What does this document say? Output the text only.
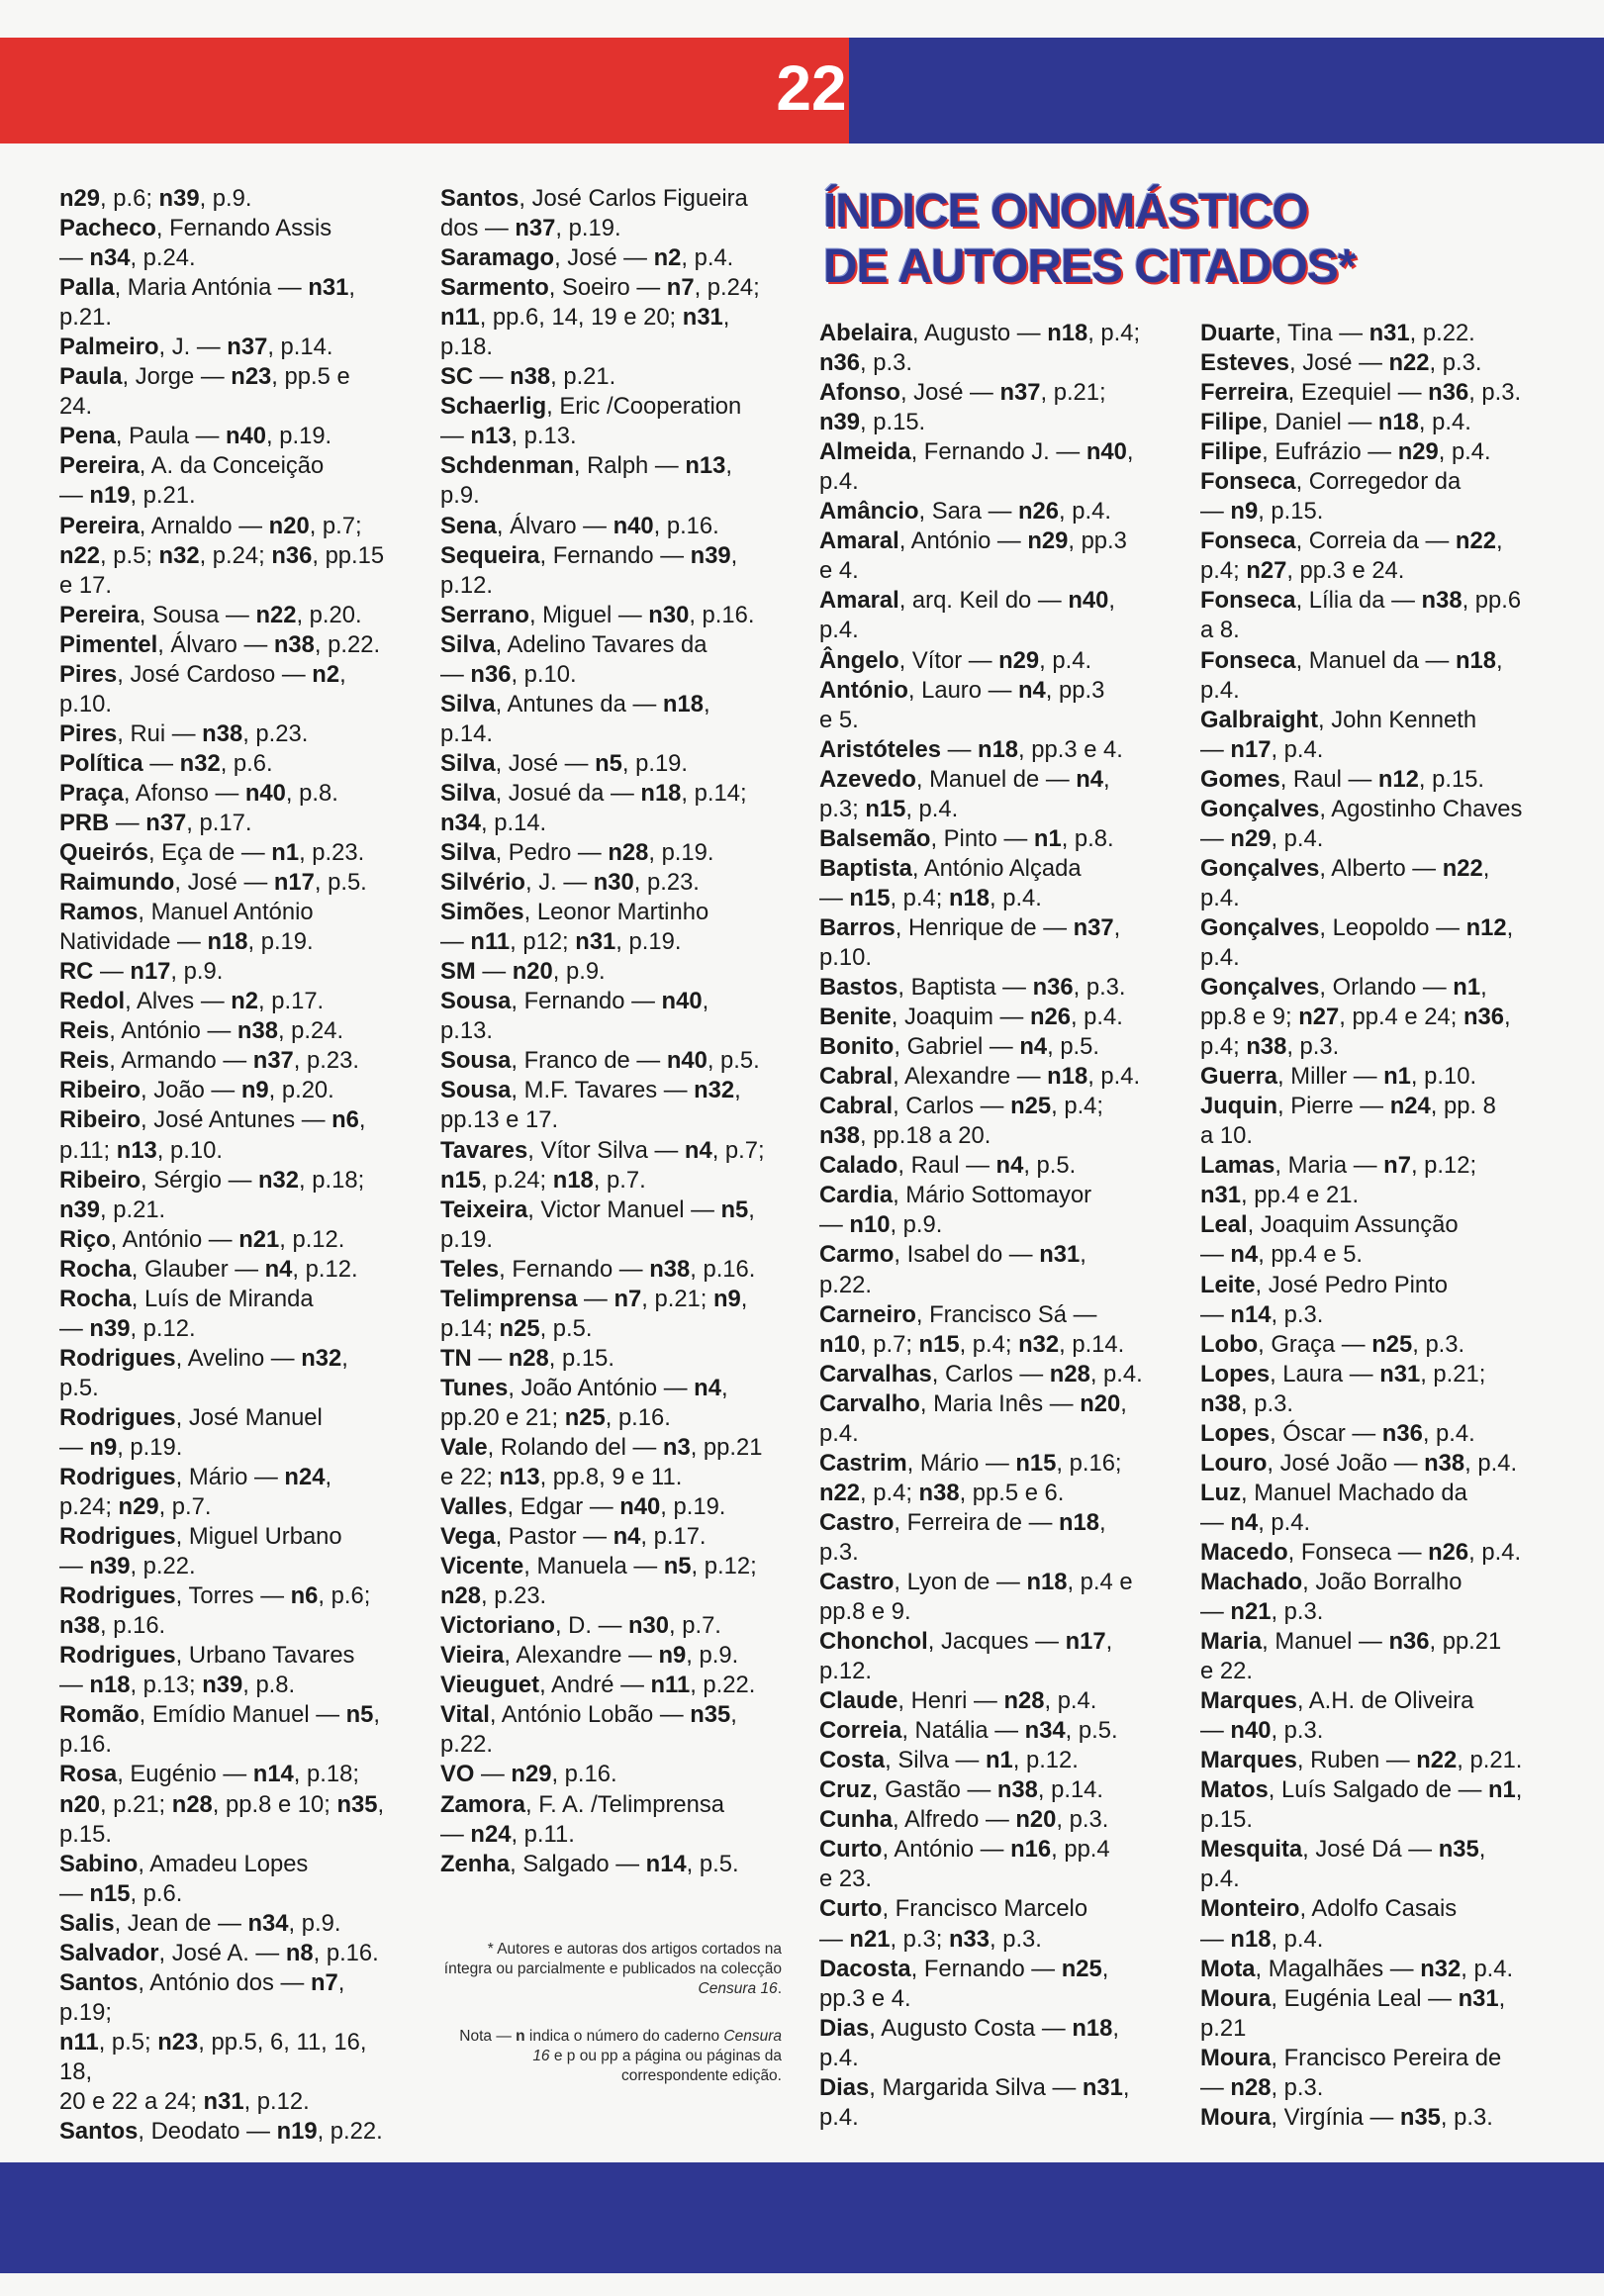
22
n29, p.6; n39, p.9.
Pacheco, Fernando Assis
— n34, p.24.
Palla, Maria Antónia — n31,
p.21.
Palmeiro, J. — n37, p.14.
Paula, Jorge — n23, pp.5 e
24.
Pena, Paula — n40, p.19.
Pereira, A. da Conceição
— n19, p.21.
Pereira, Arnaldo — n20, p.7;
n22, p.5; n32, p.24; n36, pp.15
e 17.
Pereira, Sousa — n22, p.20.
Pimentel, Álvaro — n38, p.22.
Pires, José Cardoso — n2,
p.10.
Pires, Rui — n38, p.23.
Política — n32, p.6.
Praça, Afonso — n40, p.8.
PRB — n37, p.17.
Queirós, Eça de — n1, p.23.
Raimundo, José — n17, p.5.
Ramos, Manuel António
Natividade — n18, p.19.
RC — n17, p.9.
Redol, Alves — n2, p.17.
Reis, António — n38, p.24.
Reis, Armando — n37, p.23.
Ribeiro, João — n9, p.20.
Ribeiro, José Antunes — n6,
p.11; n13, p.10.
Ribeiro, Sérgio — n32, p.18;
n39, p.21.
Riço, António — n21, p.12.
Rocha, Glauber — n4, p.12.
Rocha, Luís de Miranda
— n39, p.12.
Rodrigues, Avelino — n32,
p.5.
Rodrigues, José Manuel
— n9, p.19.
Rodrigues, Mário — n24,
p.24; n29, p.7.
Rodrigues, Miguel Urbano
— n39, p.22.
Rodrigues, Torres — n6, p.6;
n38, p.16.
Rodrigues, Urbano Tavares
— n18, p.13; n39, p.8.
Romão, Emídio Manuel — n5,
p.16.
Rosa, Eugénio — n14, p.18;
n20, p.21; n28, pp.8 e 10; n35,
p.15.
Sabino, Amadeu Lopes
— n15, p.6.
Salis, Jean de — n34, p.9.
Salvador, José A. — n8, p.16.
Santos, António dos — n7, p.19;
n11, p.5; n23, pp.5, 6, 11, 16, 18,
20 e 22 a 24; n31, p.12.
Santos, Deodato — n19, p.22.
Santos, José Carlos Figueira
dos — n37, p.19.
Saramago, José — n2, p.4.
Sarmento, Soeiro — n7, p.24;
n11, pp.6, 14, 19 e 20; n31,
p.18.
SC — n38, p.21.
Schaerlig, Eric /Cooperation
— n13, p.13.
Schdenman, Ralph — n13,
p.9.
Sena, Álvaro — n40, p.16.
Sequeira, Fernando — n39,
p.12.
Serrano, Miguel — n30, p.16.
Silva, Adelino Tavares da
— n36, p.10.
Silva, Antunes da — n18,
p.14.
Silva, José — n5, p.19.
Silva, Josué da — n18, p.14;
n34, p.14.
Silva, Pedro — n28, p.19.
Silvério, J. — n30, p.23.
Simões, Leonor Martinho
— n11, p12; n31, p.19.
SM — n20, p.9.
Sousa, Fernando — n40,
p.13.
Sousa, Franco de — n40, p.5.
Sousa, M.F. Tavares — n32,
pp.13 e 17.
Tavares, Vítor Silva — n4, p.7;
n15, p.24; n18, p.7.
Teixeira, Victor Manuel — n5,
p.19.
Teles, Fernando — n38, p.16.
Telimprensa — n7, p.21; n9,
p.14; n25, p.5.
TN — n28, p.15.
Tunes, João António — n4,
pp.20 e 21; n25, p.16.
Vale, Rolando del — n3, pp.21
e 22; n13, pp.8, 9 e 11.
Valles, Edgar — n40, p.19.
Vega, Pastor — n4, p.17.
Vicente, Manuela — n5, p.12;
n28, p.23.
Victoriano, D. — n30, p.7.
Vieira, Alexandre — n9, p.9.
Vieuguet, André — n11, p.22.
Vital, António Lobão — n35,
p.22.
VO — n29, p.16.
Zamora, F. A. /Telimprensa
— n24, p.11.
Zenha, Salgado — n14, p.5.
ÍNDICE ONOMÁSTICO
DE AUTORES CITADOS*
Abelaira, Augusto — n18, p.4;
n36, p.3.
Afonso, José — n37, p.21;
n39, p.15.
Almeida, Fernando J. — n40,
p.4.
Amâncio, Sara — n26, p.4.
Amaral, António — n29, pp.3
e 4.
Amaral, arq. Keil do — n40,
p.4.
Ângelo, Vítor — n29, p.4.
António, Lauro — n4, pp.3
e 5.
Aristóteles — n18, pp.3 e 4.
Azevedo, Manuel de — n4,
p.3; n15, p.4.
Balsemão, Pinto — n1, p.8.
Baptista, António Alçada
— n15, p.4; n18, p.4.
Barros, Henrique de — n37,
p.10.
Bastos, Baptista — n36, p.3.
Benite, Joaquim — n26, p.4.
Bonito, Gabriel — n4, p.5.
Cabral, Alexandre — n18, p.4.
Cabral, Carlos — n25, p.4;
n38, pp.18 a 20.
Calado, Raul — n4, p.5.
Cardia, Mário Sottomayor
— n10, p.9.
Carmo, Isabel do — n31,
p.22.
Carneiro, Francisco Sá —
n10, p.7; n15, p.4; n32, p.14.
Carvalhas, Carlos — n28, p.4.
Carvalho, Maria Inês — n20,
p.4.
Castrim, Mário — n15, p.16;
n22, p.4; n38, pp.5 e 6.
Castro, Ferreira de — n18,
p.3.
Castro, Lyon de — n18, p.4 e
pp.8 e 9.
Chonchol, Jacques — n17,
p.12.
Claude, Henri — n28, p.4.
Correia, Natália — n34, p.5.
Costa, Silva — n1, p.12.
Cruz, Gastão — n38, p.14.
Cunha, Alfredo — n20, p.3.
Curto, António — n16, pp.4
e 23.
Curto, Francisco Marcelo
— n21, p.3; n33, p.3.
Dacosta, Fernando — n25,
pp.3 e 4.
Dias, Augusto Costa — n18,
p.4.
Dias, Margarida Silva — n31,
p.4.
Duarte, Tina — n31, p.22.
Esteves, José — n22, p.3.
Ferreira, Ezequiel — n36, p.3.
Filipe, Daniel — n18, p.4.
Filipe, Eufrázio — n29, p.4.
Fonseca, Corregedor da
— n9, p.15.
Fonseca, Correia da — n22,
p.4; n27, pp.3 e 24.
Fonseca, Lília da — n38, pp.6
a 8.
Fonseca, Manuel da — n18,
p.4.
Galbraight, John Kenneth
— n17, p.4.
Gomes, Raul — n12, p.15.
Gonçalves, Agostinho Chaves
— n29, p.4.
Gonçalves, Alberto — n22,
p.4.
Gonçalves, Leopoldo — n12,
p.4.
Gonçalves, Orlando — n1,
pp.8 e 9; n27, pp.4 e 24; n36,
p.4; n38, p.3.
Guerra, Miller — n1, p.10.
Juquin, Pierre — n24, pp. 8
a 10.
Lamas, Maria — n7, p.12;
n31, pp.4 e 21.
Leal, Joaquim Assunção
— n4, pp.4 e 5.
Leite, José Pedro Pinto
— n14, p.3.
Lobo, Graça — n25, p.3.
Lopes, Laura — n31, p.21;
n38, p.3.
Lopes, Óscar — n36, p.4.
Louro, José João — n38, p.4.
Luz, Manuel Machado da
— n4, p.4.
Macedo, Fonseca — n26, p.4.
Machado, João Borralho
— n21, p.3.
Maria, Manuel — n36, pp.21
e 22.
Marques, A.H. de Oliveira
— n40, p.3.
Marques, Ruben — n22, p.21.
Matos, Luís Salgado de — n1,
p.15.
Mesquita, José Dá — n35,
p.4.
Monteiro, Adolfo Casais
— n18, p.4.
Mota, Magalhães — n32, p.4.
Moura, Eugénia Leal — n31,
p.21
Moura, Francisco Pereira de
— n28, p.3.
Moura, Virgínia — n35, p.3.
* Autores e autoras dos artigos cortados na íntegra ou parcialmente e publicados na colecção Censura 16.
Nota — n indica o número do caderno Censura 16 e p ou pp a página ou páginas da correspondente edição.
